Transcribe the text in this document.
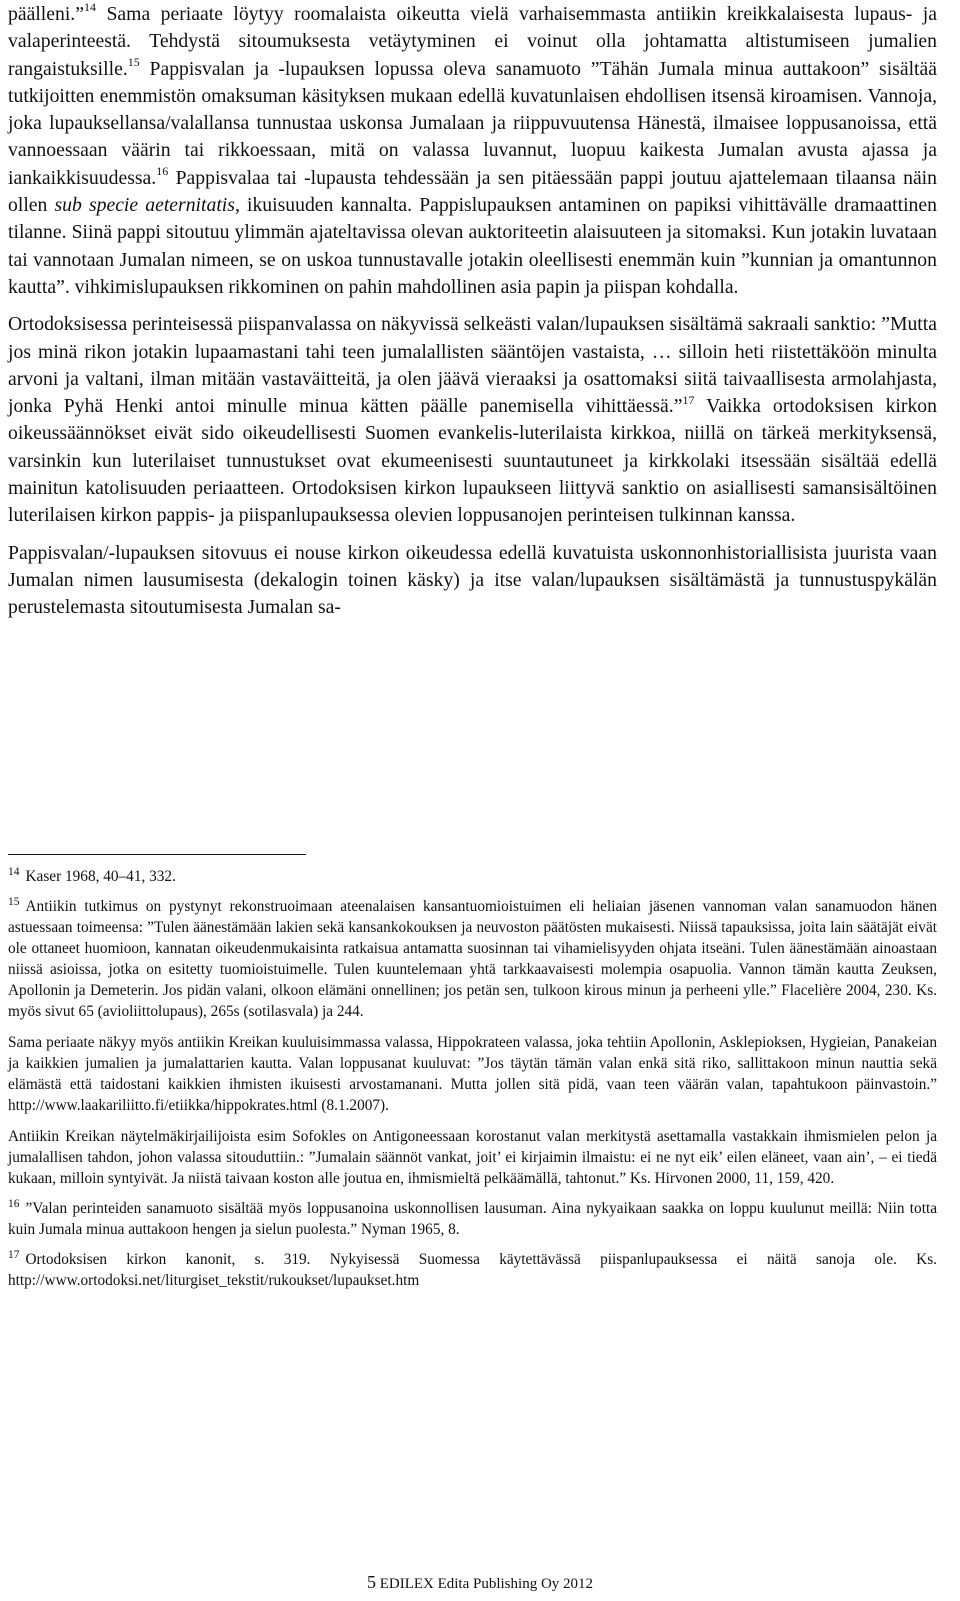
päälleni.”$^{14}$ Sama periaate löytyy roomalaista oikeutta vielä varhaisemmasta antiikin kreikkalaisesta lupaus- ja valaperinteestä. Tehdystä sitoumuksesta vetäytyminen ei voinut olla johtamatta altistumiseen jumalien rangaistuksille.$^{15}$ Pappisvalan ja -lupauksen lopussa oleva sanamuoto ”Tähän Jumala minua auttakoon” sisältää tutkijoitten enemmistön omaksuman käsityksen mukaan edellä kuvatunlaisen ehdollisen itsensä kiroamisen. Vannoja, joka lupauksellansa/valallansa tunnustaa uskonsa Jumalaan ja riippuvuutensa Hänestä, ilmaisee loppusanoissa, että vannoessaan väärin tai rikkoessaan, mitä on valassa luvannut, luopuu kaikesta Jumalan avusta ajassa ja iankaikkisuudessa.$^{16}$ Pappisvalaa tai -lupausta tehdessään ja sen pitäessään pappi joutuu ajattelemaan tilaansa näin ollen sub specie aeternitatis, ikuisuuden kannalta. Pappislupauksen antaminen on papiksi vihittävälle dramaattinen tilanne. Siinä pappi sitoutuu ylimmän ajateltavissa olevan auktoriteetin alaisuuteen ja sitomaksi. Kun jotakin luvataan tai vannotaan Jumalan nimeen, se on uskoa tunnustavalle jotakin oleellisesti enemmän kuin ”kunnian ja omantunnon kautta”. vihkimislupauksen rikkominen on pahin mahdollinen asia papin ja piispan kohdalla.

Ortodoksisessa perinteisessä piispanvalassa on näkyvissä selkeästi valan/lupauksen sisältämä sakraali sanktio: ”Mutta jos minä rikon jotakin lupaamastani tahi teen jumalallisten sääntöjen vastaista, … silloin heti riistettäköön minulta arvoni ja valtani, ilman mitään vastaväitteitä, ja olen jäävä vieraaksi ja osattomaksi siitä taivaallisesta armolahjasta, jonka Pyhä Henki antoi minulle minua kätten päälle panemisella vihittäessä.”$^{17}$ Vaikka ortodoksisen kirkon oikeussäännökset eivät sido oikeudellisesti Suomen evankelis-luterilaista kirkkoa, niillä on tärkeä merkityksensä, varsinkin kun luterilaiset tunnustukset ovat ekumeenisesti suuntautuneet ja kirkkolaki itsessään sisältää edellä mainitun katolisuuden periaatteen. Ortodoksisen kirkon lupaukseen liittyvä sanktio on asiallisesti samansisältöinen luterilaisen kirkon pappis- ja piispanlupauksessa olevien loppusanojen perinteisen tulkinnan kanssa.

Pappisvalan/-lupauksen sitovuus ei nouse kirkon oikeudessa edellä kuvatuista uskonnonhistoriallisista juurista vaan Jumalan nimen lausumisesta (dekalogin toinen käsky) ja itse valan/lupauksen sisältämästä ja tunnustuspykälän perustelemasta sitoutumisesta Jumalan sa-

$^{14}$ Kaser 1968, 40–41, 332.

$^{15}$ Antiikin tutkimus on pystynyt rekonstruoimaan ateenalaisen kansantuomioistuimen eli heliaian jäsenen vannoman valan sanamuodon hänen astuessaan toimeensa: ”Tulen äänestämään lakien sekä kansankokouksen ja neuvoston päätösten mukaisesti. Niissä tapauksissa, joita lain säätäjät eivät ole ottaneet huomioon, kannatan oikeudenmukaisinta ratkaisua antamatta suosinnan tai vihamielisyyden ohjata itseäni. Tulen äänestämään ainoastaan niissä asioissa, jotka on esitetty tuomioistuimelle. Tulen kuuntelemaan yhtä tarkkaavaisesti molempia osapuolia. Vannon tämän kautta Zeuksen, Apollonin ja Demeterin. Jos pidän valani, olkoon elämäni onnellinen; jos petän sen, tulkoon kirous minun ja perheeni ylle.” Flacelière 2004, 230. Ks. myös sivut 65 (avioliittolupaus), 265s (sotilasvala) ja 244.

Sama periaate näkyy myös antiikin Kreikan kuuluisimmassa valassa, Hippokrateen valassa, joka tehtiin Apollonin, Asklepioksen, Hygieian, Panakeian ja kaikkien jumalien ja jumalattarien kautta. Valan loppusanat kuuluvat: ”Jos täytän tämän valan enkä sitä riko, sallittakoon minun nauttia sekä elämästä että taidostani kaikkien ihmisten ikuisesti arvostamanani. Mutta jollen sitä pidä, vaan teen väärän valan, tapahtukoon päinvastoin.” http://www.laakariliitto.fi/etiikka/hippokrates.html (8.1.2007).

Antiikin Kreikan näytelmäkirjailijoista esim Sofokles on Antigoneessaan korostanut valan merkitystä asettamalla vastakkain ihmismielen pelon ja jumalallisen tahdon, johon valassa sitouduttiin.: ”Jumalain säännöt vankat, joit’ ei kirjaimin ilmaistu: ei ne nyt eik’ eilen eläneet, vaan ain’, – ei tiedä kukaan, milloin syntyivät. Ja niistä taivaan koston alle joutua en, ihmismieltä pelkäämällä, tahtonut.” Ks. Hirvonen 2000, 11, 159, 420.

$^{16}$ ”Valan perinteiden sanamuoto sisältää myös loppusanoina uskonnollisen lausuman. Aina nykyaikaan saakka on loppu kuulunut meillä: Niin totta kuin Jumala minua auttakoon hengen ja sielun puolesta.” Nyman 1965, 8.

$^{17}$ Ortodoksisen kirkon kanonit, s. 319. Nykyisessä Suomessa käytettävässä piispanlupauksessa ei näitä sanoja ole. Ks. http://www.ortodoksi.net/liturgiset_tekstit/rukoukset/lupaukset.htm

5 EDILEX Edita Publishing Oy 2012
